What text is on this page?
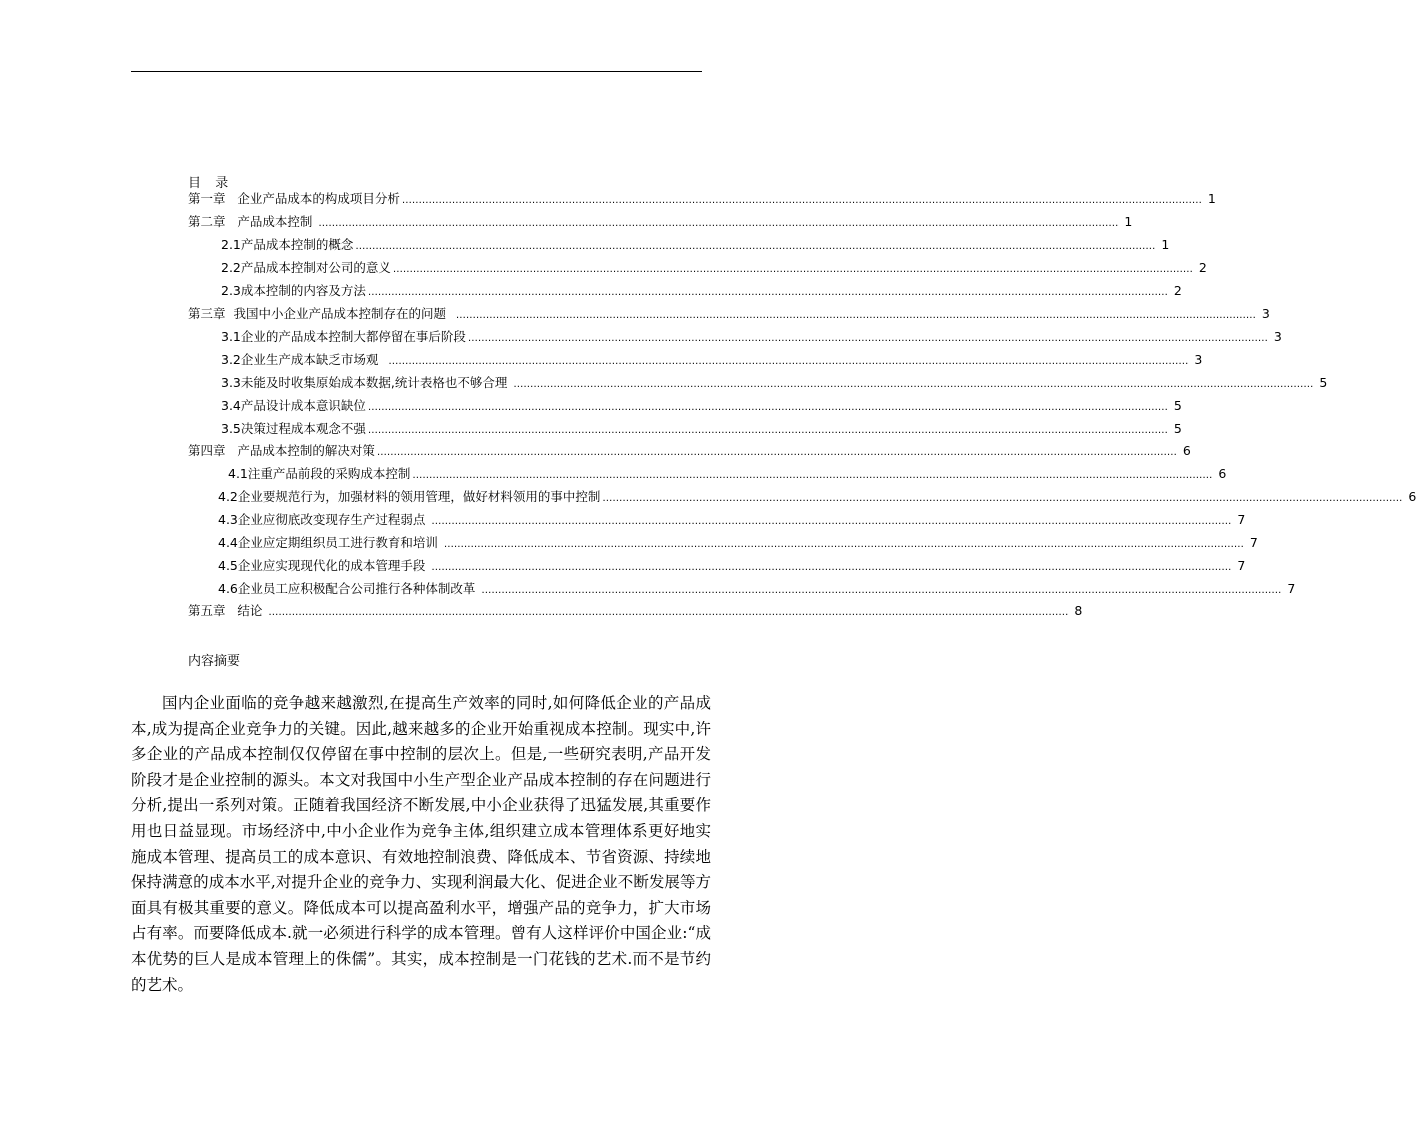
目  录
第一章   企业产品成本的构成项目分析 …………………………………………………………………………………………………………………………………………………………………………………………………………………… 1
第二章   产品成本控制 …………………………………………………………………………………………………………………………………………………………………………………………………………………… 1
2.1产品成本控制的概念 …………………………………………………………………………………………………………………………………………………………………………………………………………………… 1
2.2产品成本控制对公司的意义 …………………………………………………………………………………………………………………………………………………………………………………………………………………… 2
2.3成本控制的内容及方法 …………………………………………………………………………………………………………………………………………………………………………………………………………………… 2
第三章  我国中小企业产品成本控制存在的问题 …………………………………………………………………………………………………………………………………………………………………………………………………………………… 3
3.1企业的产品成本控制大都停留在事后阶段 …………………………………………………………………………………………………………………………………………………………………………………………………………………… 3
3.2企业生产成本缺乏市场观 …………………………………………………………………………………………………………………………………………………………………………………………………………………… 3
3.3未能及时收集原始成本数据,统计表格也不够合理 …………………………………………………………………………………………………………………………………………………………………………………………………………………… 5
3.4产品设计成本意识缺位 …………………………………………………………………………………………………………………………………………………………………………………………………………………… 5
3.5决策过程成本观念不强 …………………………………………………………………………………………………………………………………………………………………………………………………………………… 5
第四章   产品成本控制的解决对策 …………………………………………………………………………………………………………………………………………………………………………………………………………………… 6
4.1注重产品前段的采购成本控制 …………………………………………………………………………………………………………………………………………………………………………………………………………………… 6
4.2企业要规范行为，加强材料的领用管理，做好材料领用的事中控制 …………………………………………………………………………………………………………………………………………………………………………………………………………………… 6
4.3企业应彻底改变现存生产过程弱点 …………………………………………………………………………………………………………………………………………………………………………………………………………………… 7
4.4企业应定期组织员工进行教育和培训 …………………………………………………………………………………………………………………………………………………………………………………………………………………… 7
4.5企业应实现现代化的成本管理手段 …………………………………………………………………………………………………………………………………………………………………………………………………………………… 7
4.6企业员工应积极配合公司推行各种体制改革 …………………………………………………………………………………………………………………………………………………………………………………………………………………… 7
第五章   结论 …………………………………………………………………………………………………………………………………………………………………………………………………………………… 8
内容摘要
国内企业面临的竞争越来越激烈,在提高生产效率的同时,如何降低企业的产品成本,成为提高企业竞争力的关键。因此,越来越多的企业开始重视成本控制。现实中,许多企业的产品成本控制仅仅停留在事中控制的层次上。但是,一些研究表明,产品开发阶段才是企业控制的源头。本文对我国中小生产型企业产品成本控制的存在问题进行分析,提出一系列对策。正随着我国经济不断发展,中小企业获得了迅猛发展,其重要作用也日益显现。市场经济中,中小企业作为竞争主体,组织建立成本管理体系更好地实施成本管理、提高员工的成本意识、有效地控制浪费、降低成本、节省资源、持续地保持满意的成本水平,对提升企业的竞争力、实现利润最大化、促进企业不断发展等方面具有极其重要的意义。降低成本可以提高盈利水平，增强产品的竞争力，扩大市场占有率。而要降低成本.就一必须进行科学的成本管理。曾有人这样评价中国企业:“成本优势的巨人是成本管理上的侏儒”。其实，成本控制是一门花钱的艺术.而不是节约的艺术。
